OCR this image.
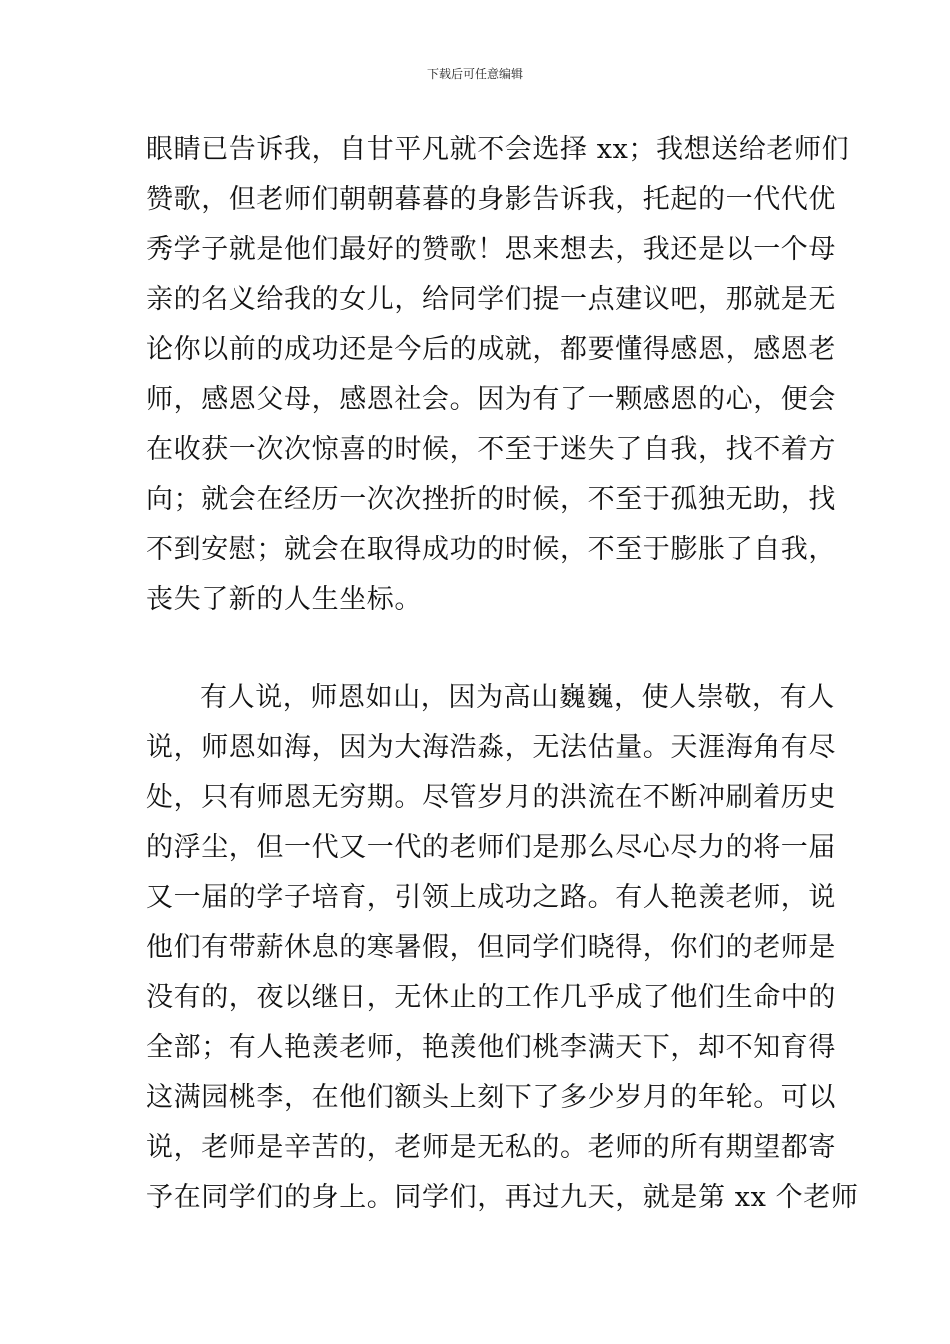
下载后可任意编辑
眼睛已告诉我，自甘平凡就不会选择 xx；我想送给老师们
赞歌，但老师们朝朝暮暮的身影告诉我，托起的一代代优
秀学子就是他们最好的赞歌！思来想去，我还是以一个母
亲的名义给我的女儿，给同学们提一点建议吧，那就是无
论你以前的成功还是今后的成就，都要懂得感恩，感恩老
师，感恩父母，感恩社会。因为有了一颗感恩的心，便会
在收获一次次惊喜的时候，不至于迷失了自我，找不着方
向；就会在经历一次次挫折的时候，不至于孤独无助，找
不到安慰；就会在取得成功的时候，不至于膨胀了自我，
丧失了新的人生坐标。
有人说，师恩如山，因为高山巍巍，使人崇敬，有人
说，师恩如海，因为大海浩淼，无法估量。天涯海角有尽
处，只有师恩无穷期。尽管岁月的洪流在不断冲刷着历史
的浮尘，但一代又一代的老师们是那么尽心尽力的将一届
又一届的学子培育，引领上成功之路。有人艳羡老师，说
他们有带薪休息的寒暑假，但同学们晓得，你们的老师是
没有的，夜以继日，无休止的工作几乎成了他们生命中的
全部；有人艳羡老师，艳羡他们桃李满天下，却不知育得
这满园桃李，在他们额头上刻下了多少岁月的年轮。可以
说，老师是辛苦的，老师是无私的。老师的所有期望都寄
予在同学们的身上。同学们，再过九天，就是第 xx 个老师
